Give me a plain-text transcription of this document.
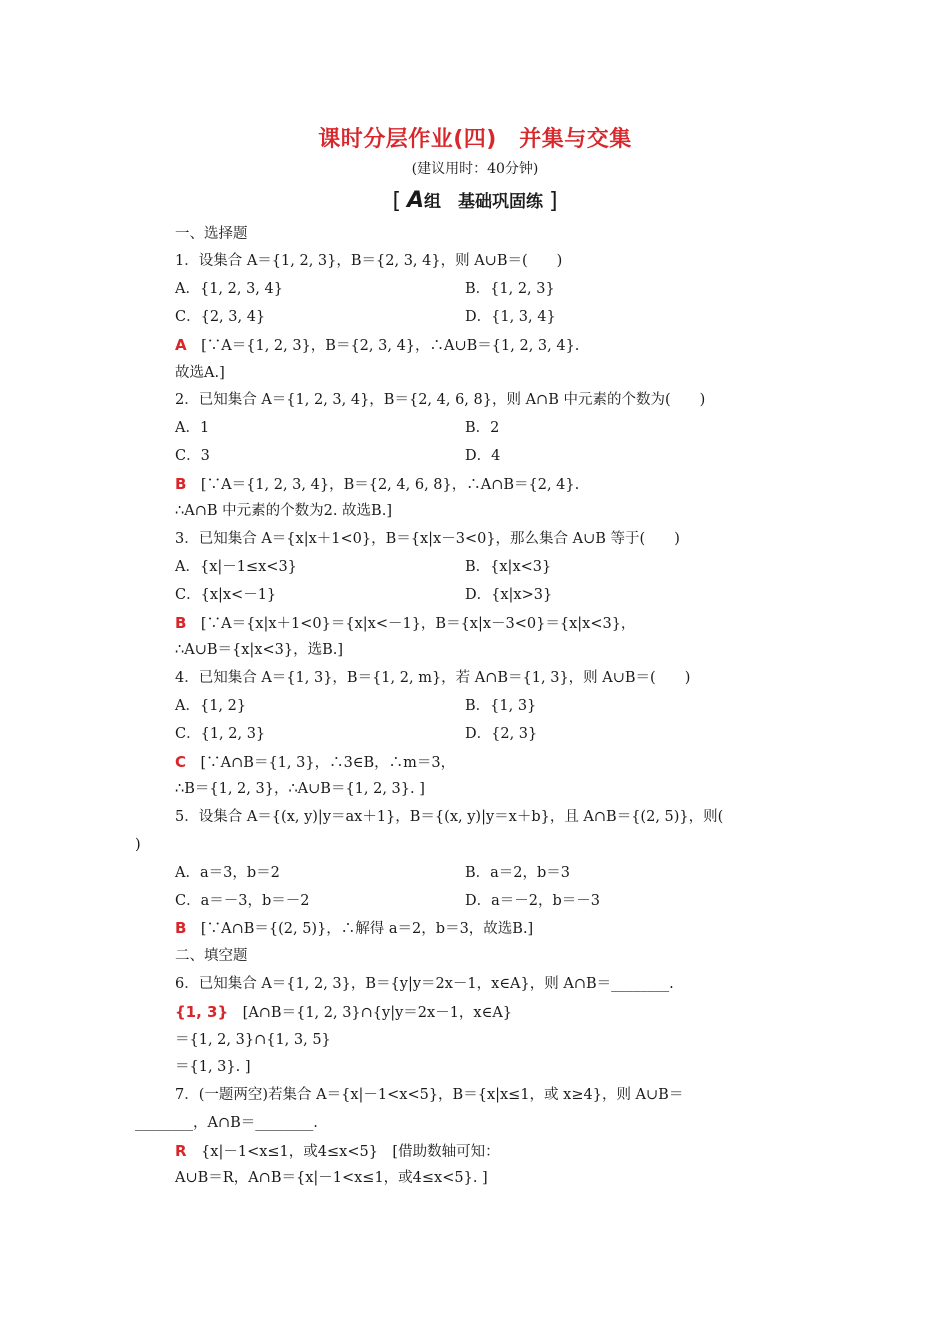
课时分层作业(四)　并集与交集
(建议用时：40分钟)
[ A组　基础巩固练 ]
一、选择题
1．设集合 A＝{1, 2, 3}，B＝{2, 3, 4}，则 A∪B＝(　　)
A．{1, 2, 3, 4}	B．{1, 2, 3}
C．{2, 3, 4}	D．{1, 3, 4}
A　[∵A＝{1, 2, 3}，B＝{2, 3, 4}，∴A∪B＝{1, 2, 3, 4}.
故选A.]
2．已知集合 A＝{1, 2, 3, 4}，B＝{2, 4, 6, 8}，则 A∩B 中元素的个数为(　　)
A．1	B．2
C．3	D．4
B　[∵A＝{1, 2, 3, 4}，B＝{2, 4, 6, 8}，∴A∩B＝{2, 4}.
∴A∩B 中元素的个数为2. 故选B.]
3．已知集合 A＝{x|x＋1<0}，B＝{x|x－3<0}，那么集合 A∪B 等于(　　)
A．{x|－1≤x<3}	B．{x|x<3}
C．{x|x<－1}	D．{x|x>3}
B　[∵A＝{x|x＋1<0}＝{x|x<－1}，B＝{x|x－3<0}＝{x|x<3}，
∴A∪B＝{x|x<3}，选B.]
4．已知集合 A＝{1, 3}，B＝{1, 2, m}，若 A∩B＝{1, 3}，则 A∪B＝(　　)
A．{1, 2}	B．{1, 3}
C．{1, 2, 3}	D．{2, 3}
C　[∵A∩B＝{1, 3}，∴3∈B，∴m＝3，
∴B＝{1, 2, 3}，∴A∪B＝{1, 2, 3}. ]
5．设集合 A＝{(x, y)|y＝ax＋1}，B＝{(x, y)|y＝x＋b}，且 A∩B＝{(2, 5)}，则(
)
A．a＝3，b＝2	B．a＝2，b＝3
C．a＝－3，b＝－2	D．a＝－2，b＝－3
B　[∵A∩B＝{(2, 5)}，∴解得 a＝2，b＝3，故选B.]
二、填空题
6．已知集合 A＝{1, 2, 3}，B＝{y|y＝2x－1，x∈A}，则 A∩B＝________.
{1, 3}　[A∩B＝{1, 2, 3}∩{y|y＝2x－1，x∈A}
＝{1, 2, 3}∩{1, 3, 5}
＝{1, 3}. ]
7．(一题两空)若集合 A＝{x|－1<x<5}，B＝{x|x≤1，或 x≥4}，则 A∪B＝
________，A∩B＝________.
R　{x|－1<x≤1，或4≤x<5}　[借助数轴可知：
A∪B＝R，A∩B＝{x|－1<x≤1，或4≤x<5}. ]
